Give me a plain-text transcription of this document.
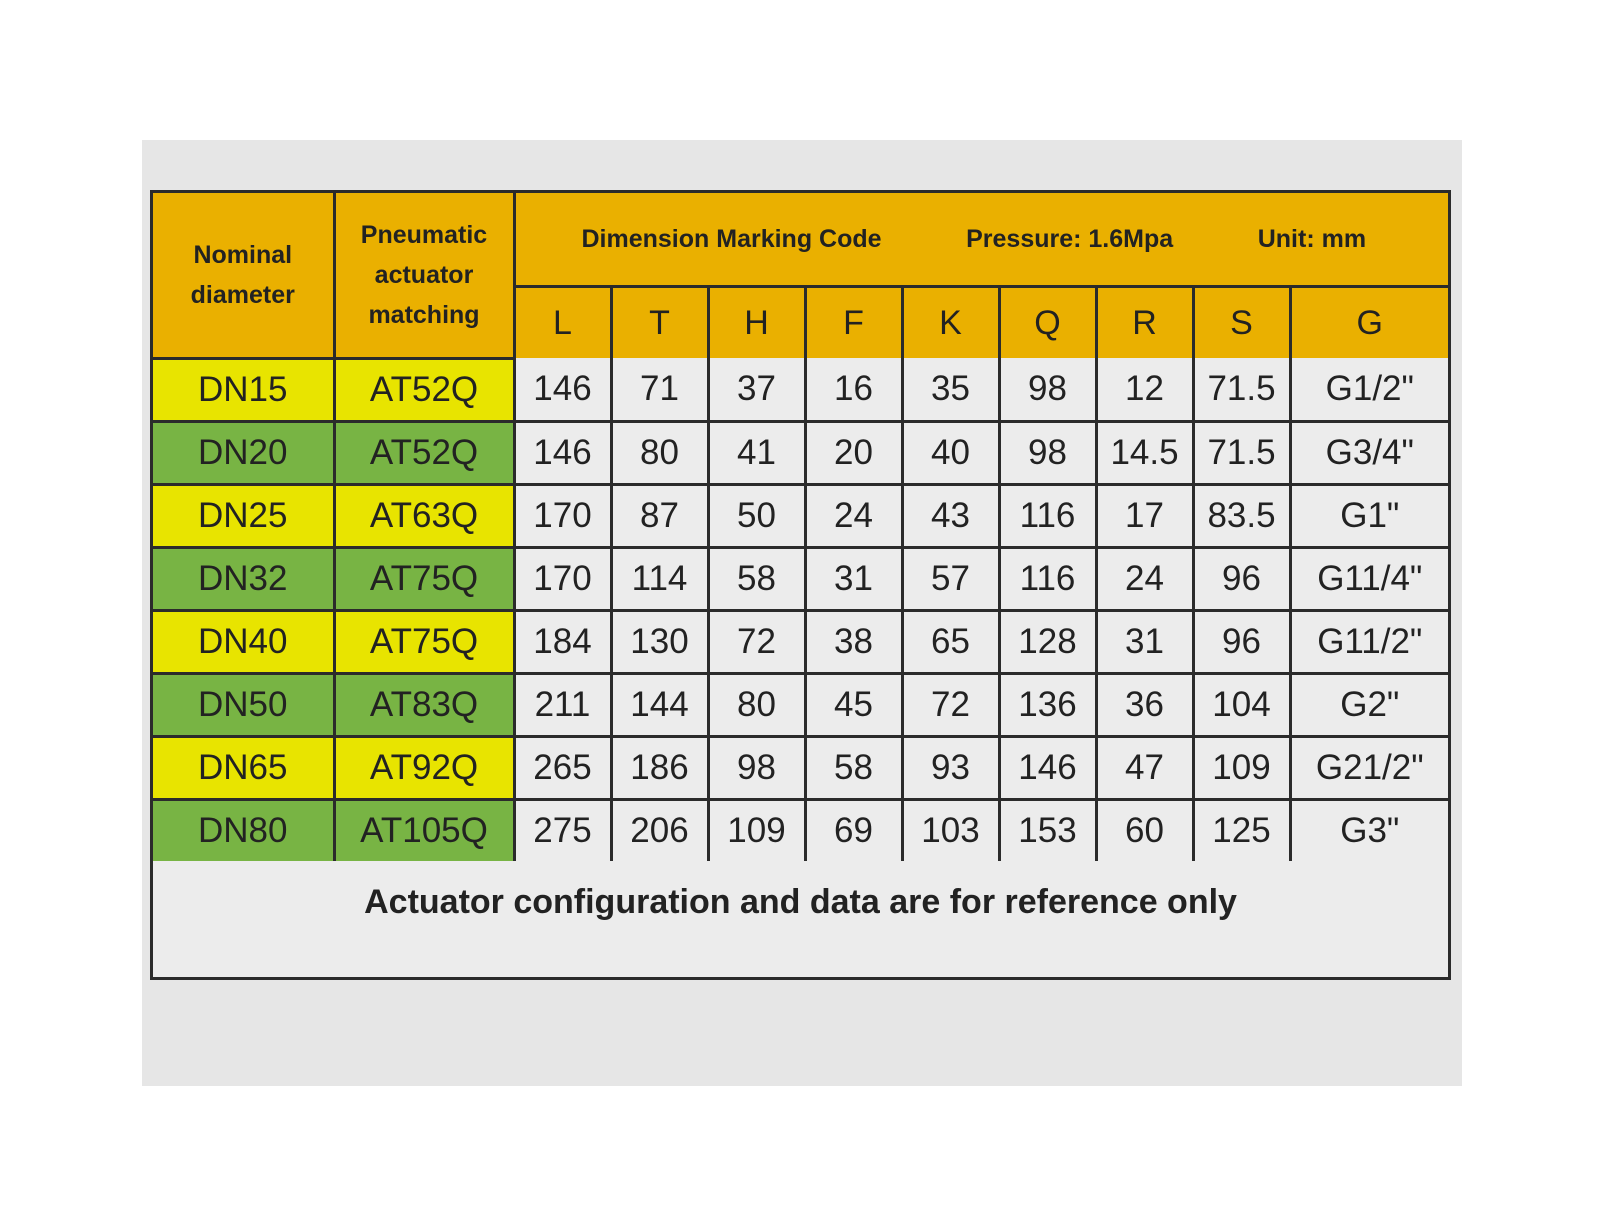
Nominal diameter	Pneumatic actuator matching	Dimension Marking Code Pressure: 1.6Mpa Unit: mm								

		L	T	H	F	K	Q	R	S	G
DN15	AT52Q	146	71	37	16	35	98	12	71.5	G1/2"
DN20	AT52Q	146	80	41	20	40	98	14.5	71.5	G3/4"
DN25	AT63Q	170	87	50	24	43	116	17	83.5	G1"
DN32	AT75Q	170	114	58	31	57	116	24	96	G11/4"
DN40	AT75Q	184	130	72	38	65	128	31	96	G11/2"
DN50	AT83Q	211	144	80	45	72	136	36	104	G2"
DN65	AT92Q	265	186	98	58	93	146	47	109	G21/2"
DN80	AT105Q	275	206	109	69	103	153	60	125	G3"
Actuator configuration and data are for reference only										
